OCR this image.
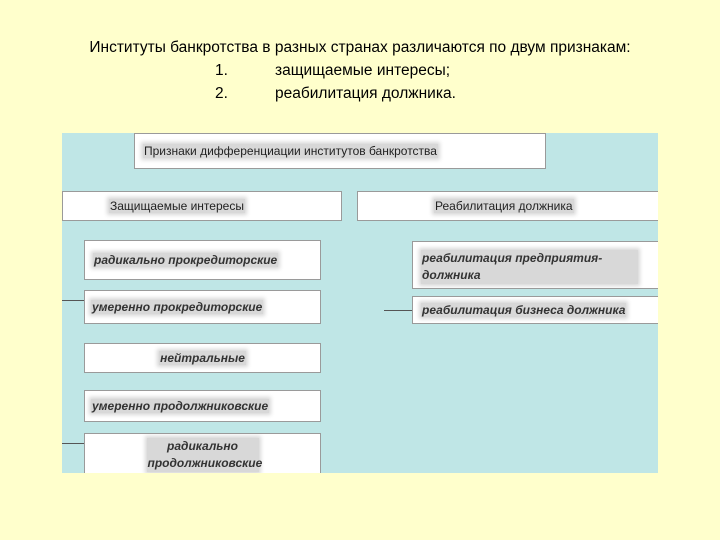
Институты банкротства в разных странах различаются по двум признакам:
1.	защищаемые интересы;
2.	реабилитация должника.
Признаки дифференциации институтов банкротства
Защищаемые интересы	Реабилитация должника
радикально прокредиторские
умеренно прокредиторские
нейтральные
умеренно продолжниковские
радикально продолжниковские
реабилитация предприятия-должника
реабилитация бизнеса должника
